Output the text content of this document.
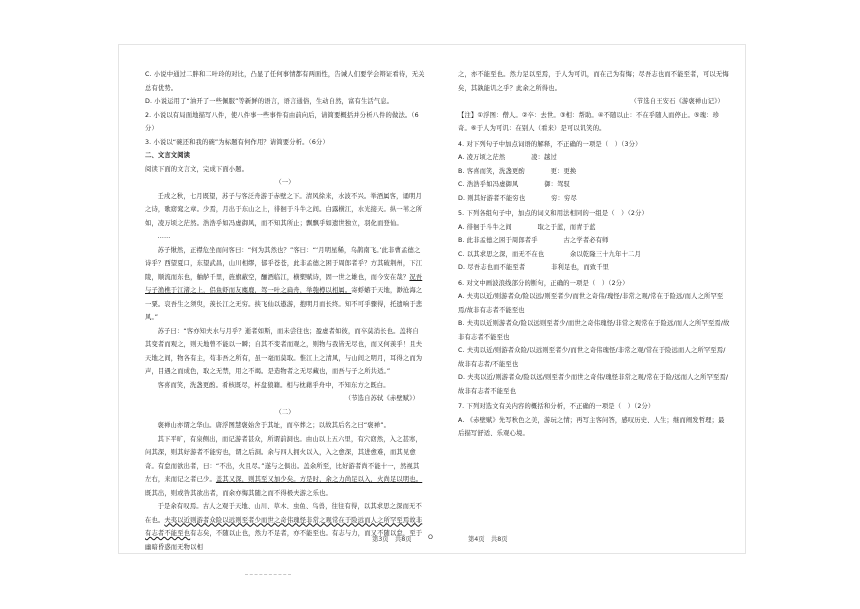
C. 小说中通过二胖和二叶玲的对比，凸显了任何事情都有两面性，告诫人们要学会辩证看待，无关总有优势。

D. 小说运用了“油开了一些佩服”等新鲜的语言，语言通俗，生动自然，富有生活气息。

2. 小说以有局面地描写八件，使八件事一些事件有由前向后，请简要概括并分析八件的做法。（6分）

3. 小说以“碗还和我的碗”为标题有何作用？请简要分析。（6分）

二、文言文阅读

阅读下面的文言文，完成下面小题。

（一）

壬戌之秋，七月既望，苏子与客泛舟游于赤壁之下。清风徐来，水波不兴。举酒属客，诵明月之诗，歌窈窕之章。少焉，月出于东山之上，徘徊于斗牛之间。白露横江，水光接天。纵一苇之所如，凌万顷之茫然。浩浩乎如冯虚御风，而不知其所止；飘飘乎如遗世独立，羽化而登仙。

……

苏子愀然，正襟危坐而问客曰：“何为其然也？”客曰：“‘月明星稀，乌鹊南飞。’此非曹孟德之诗乎？西望夏口，东望武昌，山川相缪，郁乎苍苍，此非孟德之困于周郎者乎？方其破荆州，下江陵，顺流而东也，舳舻千里，旌旗蔽空，酾酒临江，横槊赋诗，固一世之雄也，而今安在哉？况吾与子渔樵于江渚之上，侣鱼虾而友麋鹿，驾一叶之扁舟，举匏樽以相属。寄蜉蝣于天地，渺沧海之一粟。哀吾生之须臾，羡长江之无穷。挟飞仙以遨游，抱明月而长终。知不可乎骤得，托遗响于悲风。”

苏子曰：“客亦知夫水与月乎？逝者如斯，而未尝往也；盈虚者如彼，而卒莫消长也。盖将自其变者而观之，则天地曾不能以一瞬；自其不变者而观之，则物与我皆无尽也，而又何羡乎！且夫天地之间，物各有主，苟非吾之所有，虽一毫而莫取。惟江上之清风，与山间之明月，耳得之而为声，目遇之而成色，取之无禁，用之不竭。是造物者之无尽藏也，而吾与子之所共适。”

客喜而笑，洗盏更酌。肴核既尽，杯盘狼籍。相与枕藉乎舟中，不知东方之既白。

（节选自苏轼《赤壁赋》）

（二）

褒禅山亦谓之华山。唐浮图慧褒始舍于其址，而卒葬之；以故其后名之曰“褒禅”。

其下平旷，有泉侧出，而记游者甚众，所谓前洞也。由山以上五六里，有穴窈然，入之甚寒，问其深，则其好游者不能穷也，谓之后洞。余与四人拥火以入，入之愈深，其进愈难，而其见愈奇。有怠而欲出者，曰：“不出，火且尽。”遂与之俱出。盖余所至，比好游者尚不能十一，然视其左右，来而记之者已少。盖其又深，则其至又加少矣。方是时，余之力尚足以入，火尚足以明也。既其出，则或咎其欲出者，而余亦悔其随之而不得极夫游之乐也。

于是余有叹焉。古人之观于天地、山川、草木、虫鱼、鸟兽，往往有得，以其求思之深而无不在也。夫夷以近则游者众险以远则至者少而世之奇伟瑰怪非常之观常在于险远而人之所罕至焉故非有志者不能至也有志矣，不随以止也，然力不足者，亦不能至也。有志与力，而又不随以怠，至于幽暗昏惑而无物以相

之，亦不能至也。然力足以至焉，于人为可讥，而在己为有悔；尽吾志也而不能至者，可以无悔矣，其孰能讥之乎？此余之所得也。

（节选自王安石《游褒禅山记》）

【注】①浮图：僧人。②卒：去世。③相：帮助。④不随以止：不在乎随人而停止。⑤瑰：珍奇。⑥于人为可讥：在别人（看来）是可以讥笑的。

4. 对下列句子中加点词语的解释，不正确的一项是（　）（3分）

A. 凌万顷之茫然　　　　凌：越过

B. 客喜而笑，洗盏更酌　　　　更：更换

C. 浩浩乎如冯虚御风　　　　御：驾驭

D. 则其好游者不能穷也　　　　穷：穷尽

5. 下列各组句子中，加点的词义和用法相同的一组是（　）（2分）

A. 徘徊于斗牛之间　　　　取之于蓝，而青于蓝

B. 此非孟德之困于周郎者乎　　　　古之学者必有师

C. 以其求思之深，而无不在也　　　　余以乾隆三十九年十二月

D. 尽吾志也而不能至者　　　　非利足也，而致千里

6. 对文中画波浪线部分的断句，正确的一项是（　）（2分）

A. 夫夷以近/则游者众/险以远/则至者少/而世之奇伟/瑰怪/非常之观/常在于险远/而人之所罕至焉/故非有志者不能至也

B. 夫夷以近则游者众/险以远则至者少/而世之奇伟瑰怪/非常之观常在于险远/而人之所罕至焉/故非有志者不能至也

C. 夫夷以近/则游者众险/以远则至者少/而世之奇伟瑰怪/非常之观/常在于险远而人之所罕至焉/故非有志者/不能至也

D. 夫夷以近/则游者众/险以远/则至者少而世之奇伟/瑰怪非常之观/常在于险/远而人之所罕至焉/故非有志者不能至也

7. 下列对选文有关内容的概括和分析，不正确的一项是（　）（2分）

A. 《赤壁赋》先写秋色之美，游玩之情；再写主客问答，感叹历史、人生；继而阐发哲理；最后描写舒适、乐观心境。

第3页　共8页	O	第4页　共8页
